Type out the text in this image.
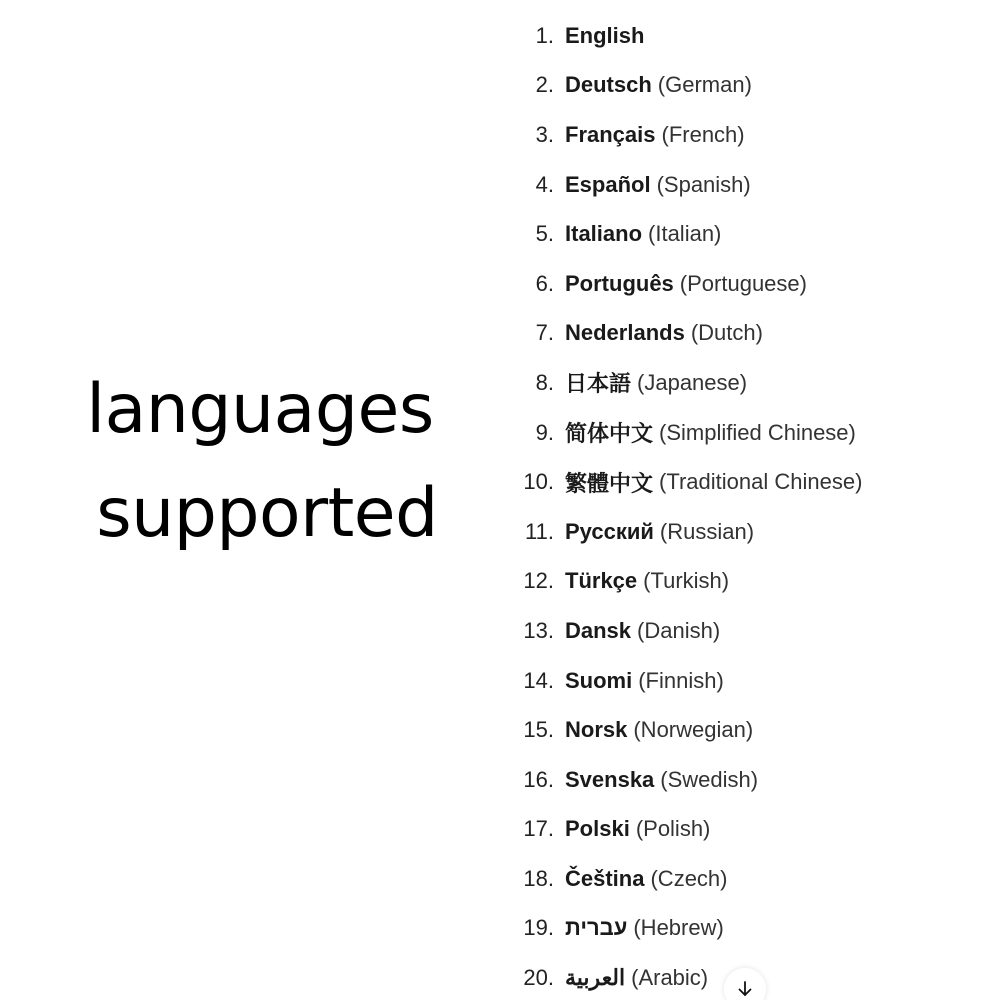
languages
supported
1. English
2. Deutsch (German)
3. Français (French)
4. Español (Spanish)
5. Italiano (Italian)
6. Português (Portuguese)
7. Nederlands (Dutch)
8. 日本語 (Japanese)
9. 简体中文 (Simplified Chinese)
10. 繁體中文 (Traditional Chinese)
11. Русский (Russian)
12. Türkçe (Turkish)
13. Dansk (Danish)
14. Suomi (Finnish)
15. Norsk (Norwegian)
16. Svenska (Swedish)
17. Polski (Polish)
18. Čeština (Czech)
19. עברית (Hebrew)
20. العربية (Arabic)
